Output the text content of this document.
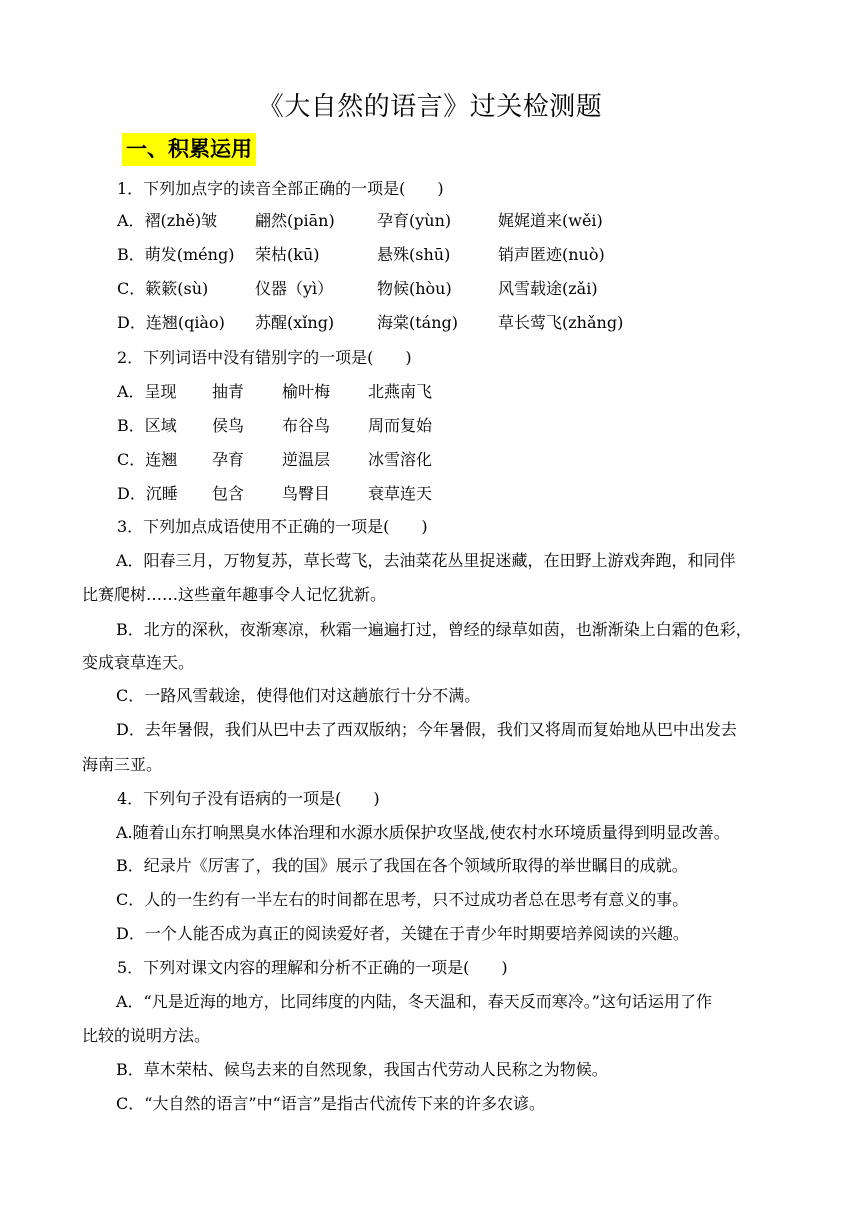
《大自然的语言》过关检测题
一、积累运用
1．下列加点字的读音全部正确的一项是(　　)
A．褶(zhě)皱 翩然(piān)	孕育(yùn)	娓娓道来(wěi)
B．萌发(méng) 荣枯(kū)	悬殊(shū)	销声匿迹(nuò)
C．簌簌(sù)	仪器（yì）	物候(hòu)	风雪载途(zǎi)
D．连翘(qiào) 苏醒(xǐng)	海棠(táng) 草长莺飞(zhǎng)
2．下列词语中没有错别字的一项是(　　)
A．呈现 抽青 榆叶梅 北燕南飞
B．区域 侯鸟 布谷鸟 周而复始
C．连翘 孕育 逆温层 冰雪溶化
D．沉睡 包含 鸟臀目 衰草连天
3．下列加点成语使用不正确的一项是(　　)
A．阳春三月，万物复苏，草长莺飞，去油菜花丛里捉迷藏，在田野上游戏奔跑，和同伴
比赛爬树……这些童年趣事令人记忆犹新。
B．北方的深秋，夜渐寒凉，秋霜一遍遍打过，曾经的绿草如茵，也渐渐染上白霜的色彩，
变成衰草连天。
C．一路风雪载途，使得他们对这趟旅行十分不满。
D．去年暑假，我们从巴中去了西双版纳；今年暑假，我们又将周而复始地从巴中出发去
海南三亚。
4．下列句子没有语病的一项是(　　)
A.随着山东打响黑臭水体治理和水源水质保护攻坚战,使农村水环境质量得到明显改善。
B．纪录片《厉害了，我的国》展示了我国在各个领域所取得的举世瞩目的成就。
C．人的一生约有一半左右的时间都在思考，只不过成功者总在思考有意义的事。
D．一个人能否成为真正的阅读爱好者，关键在于青少年时期要培养阅读的兴趣。
5．下列对课文内容的理解和分析不正确的一项是(　　)
A．“凡是近海的地方，比同纬度的内陆，冬天温和，春天反而寒冷。”这句话运用了作
比较的说明方法。
B．草木荣枯、候鸟去来的自然现象，我国古代劳动人民称之为物候。
C．“大自然的语言”中“语言”是指古代流传下来的许多农谚。
